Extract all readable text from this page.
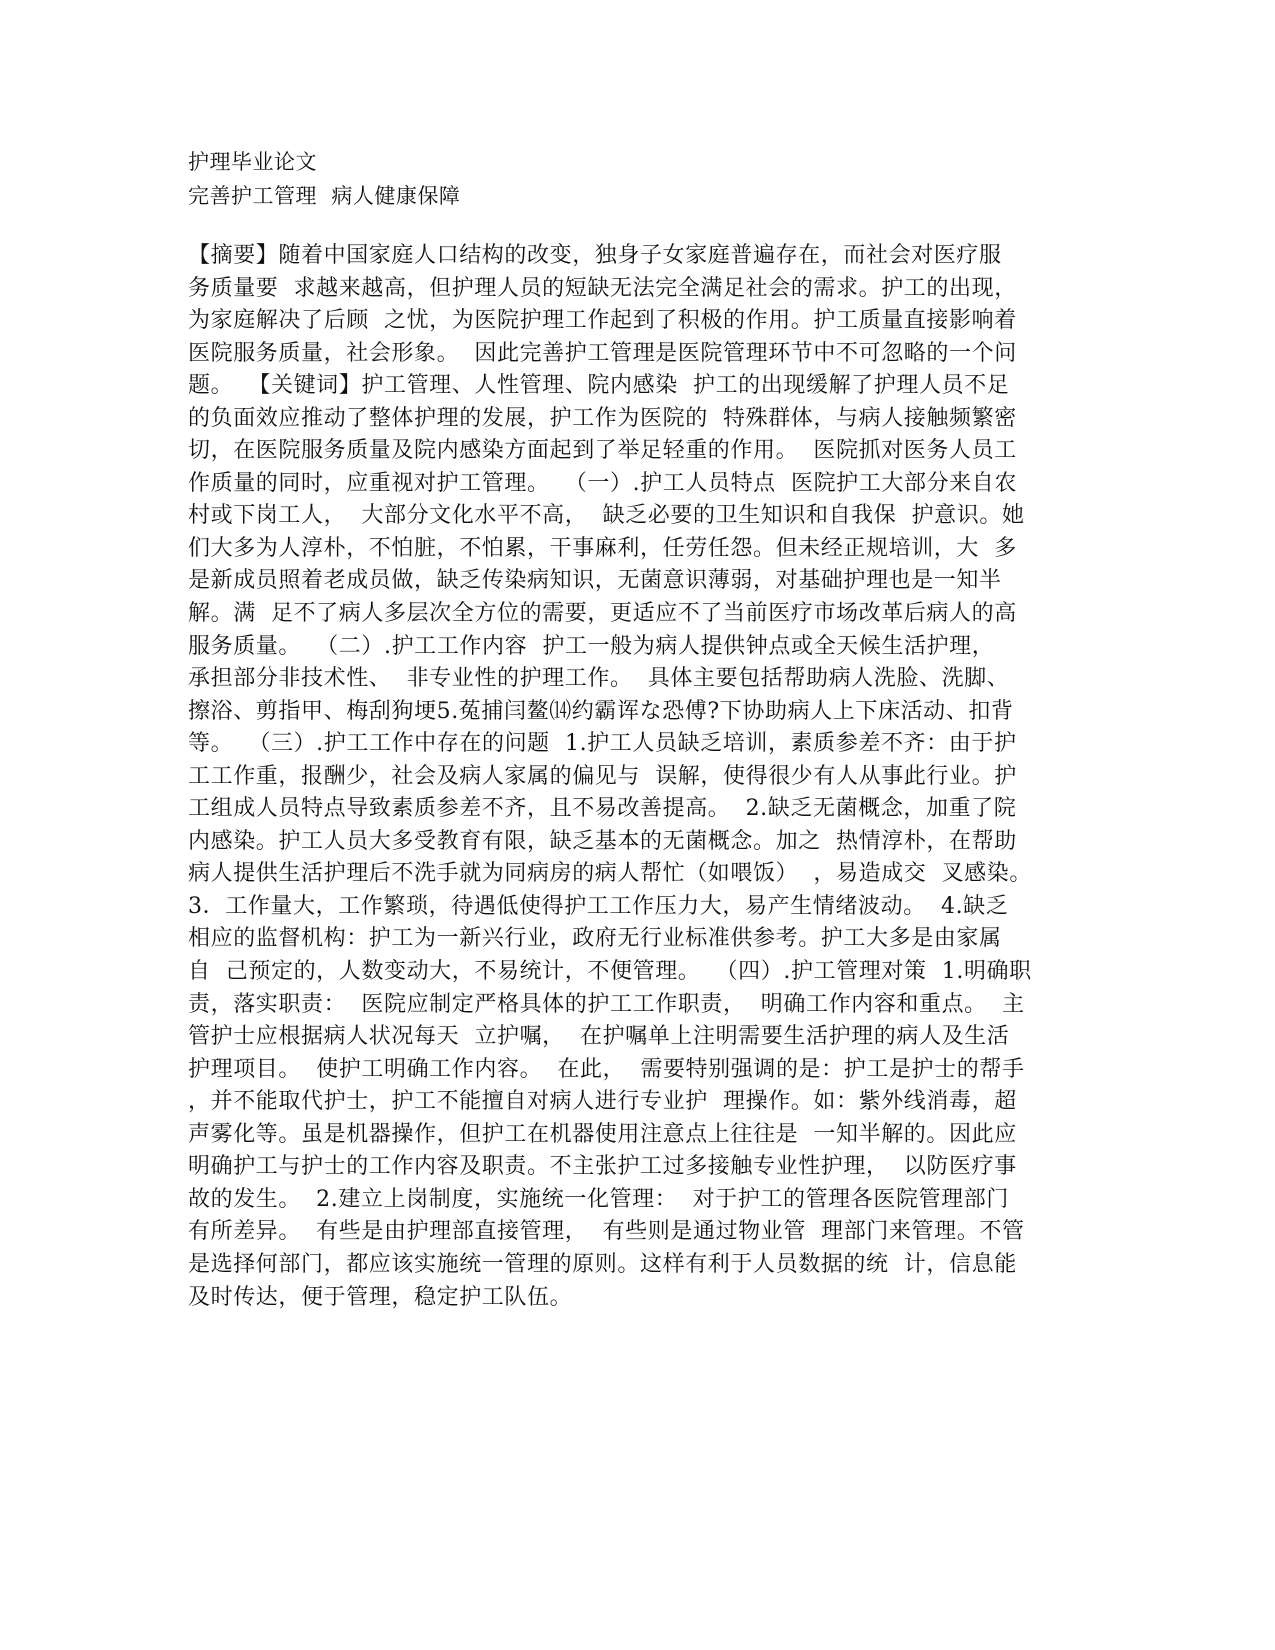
护理毕业论文
完善护工管理  病人健康保障
【摘要】随着中国家庭人口结构的改变，独身子女家庭普遍存在，而社会对医疗服
务质量要  求越来越高，但护理人员的短缺无法完全满足社会的需求。护工的出现，
为家庭解决了后顾  之忧，为医院护理工作起到了积极的作用。护工质量直接影响着
医院服务质量，社会形象。  因此完善护工管理是医院管理环节中不可忽略的一个问
题。  【关键词】护工管理、人性管理、院内感染  护工的出现缓解了护理人员不足
的负面效应推动了整体护理的发展，护工作为医院的  特殊群体，与病人接触频繁密
切，在医院服务质量及院内感染方面起到了举足轻重的作用。  医院抓对医务人员工
作质量的同时，应重视对护工管理。  （一）.护工人员特点  医院护工大部分来自农
村或下岗工人，  大部分文化水平不高，  缺乏必要的卫生知识和自我保  护意识。她
们大多为人淳朴，不怕脏，不怕累，干事麻利，任劳任怨。但未经正规培训，大  多
是新成员照着老成员做，缺乏传染病知识，无菌意识薄弱，对基础护理也是一知半
解。满  足不了病人多层次全方位的需要，更适应不了当前医疗市场改革后病人的高
服务质量。  （二）.护工工作内容  护工一般为病人提供钟点或全天候生活护理，
承担部分非技术性、  非专业性的护理工作。  具体主要包括帮助病人洗脸、洗脚、
擦浴、剪指甲、梅刮狗埂5.菟捕闫鳌⒁约霸诨な恐傅?下协助病人上下床活动、扣背
等。  （三）.护工工作中存在的问题  1.护工人员缺乏培训，素质参差不齐：由于护
工工作重，报酬少，社会及病人家属的偏见与  误解，使得很少有人从事此行业。护
工组成人员特点导致素质参差不齐，且不易改善提高。  2.缺乏无菌概念，加重了院
内感染。护工人员大多受教育有限，缺乏基本的无菌概念。加之  热情淳朴，在帮助
病人提供生活护理后不洗手就为同病房的病人帮忙（如喂饭）  ，易造成交  叉感染。
3．工作量大，工作繁琐，待遇低使得护工工作压力大，易产生情绪波动。  4.缺乏
相应的监督机构：护工为一新兴行业，政府无行业标准供参考。护工大多是由家属
自  己预定的，人数变动大，不易统计，不便管理。  （四）.护工管理对策  1.明确职
责，落实职责：  医院应制定严格具体的护工工作职责，  明确工作内容和重点。  主
管护士应根据病人状况每天  立护嘱，  在护嘱单上注明需要生活护理的病人及生活
护理项目。  使护工明确工作内容。  在此，  需要特别强调的是：护工是护士的帮手
，并不能取代护士，护工不能擅自对病人进行专业护  理操作。如：紫外线消毒，超
声雾化等。虽是机器操作，但护工在机器使用注意点上往往是  一知半解的。因此应
明确护工与护士的工作内容及职责。不主张护工过多接触专业性护理，  以防医疗事
故的发生。  2.建立上岗制度，实施统一化管理：  对于护工的管理各医院管理部门
有所差异。  有些是由护理部直接管理，  有些则是通过物业管  理部门来管理。不管
是选择何部门，都应该实施统一管理的原则。这样有利于人员数据的统  计，信息能
及时传达，便于管理，稳定护工队伍。
